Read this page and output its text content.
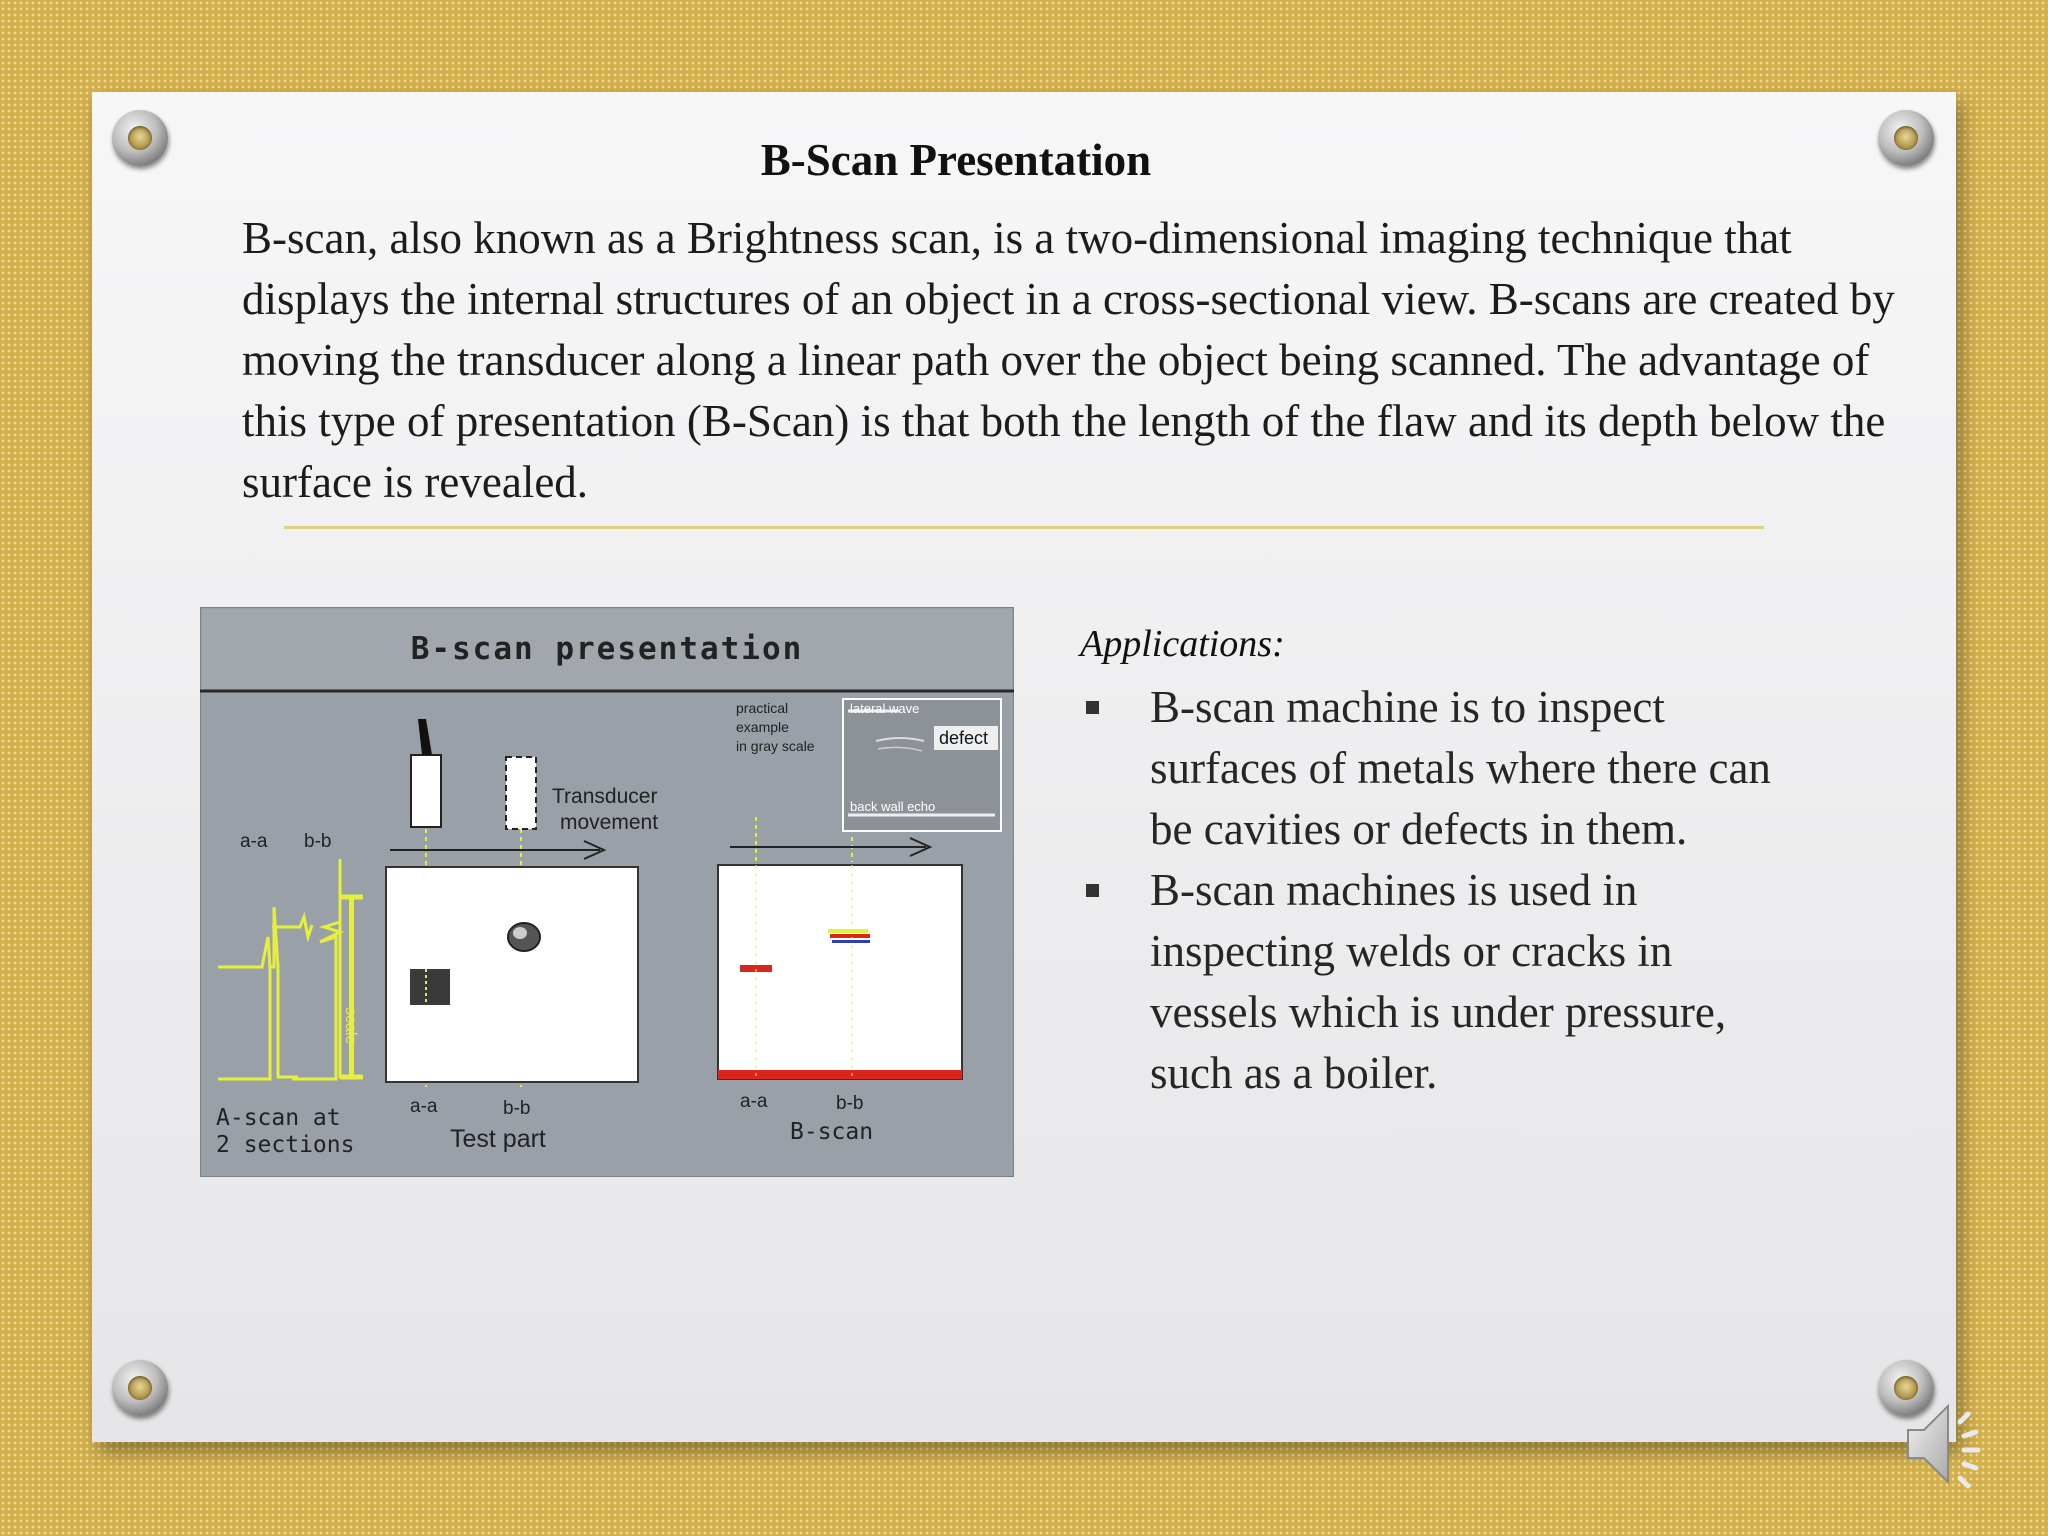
B-Scan Presentation

B-scan, also known as a Brightness scan, is a two-dimensional imaging technique that displays the internal structures of an object in a cross-sectional view. B-scans are created by moving the transducer along a linear path over the object being scanned. The advantage of this type of presentation (B-Scan) is that both the length of the flaw and its depth below the surface is revealed.

B-scan presentation
a-a b-b
scale
A-scan at
2 sections
Transducer
movement
a-a	b-b
Test part
practical
example
in gray scale
lateral wave
defect
back wall echo
a-a	b-b
B-scan
Applications:
B-scan machine is to inspect surfaces of metals where there can be cavities or defects in them.
B-scan machines is used in inspecting welds or cracks in vessels which is under pressure, such as a boiler.
